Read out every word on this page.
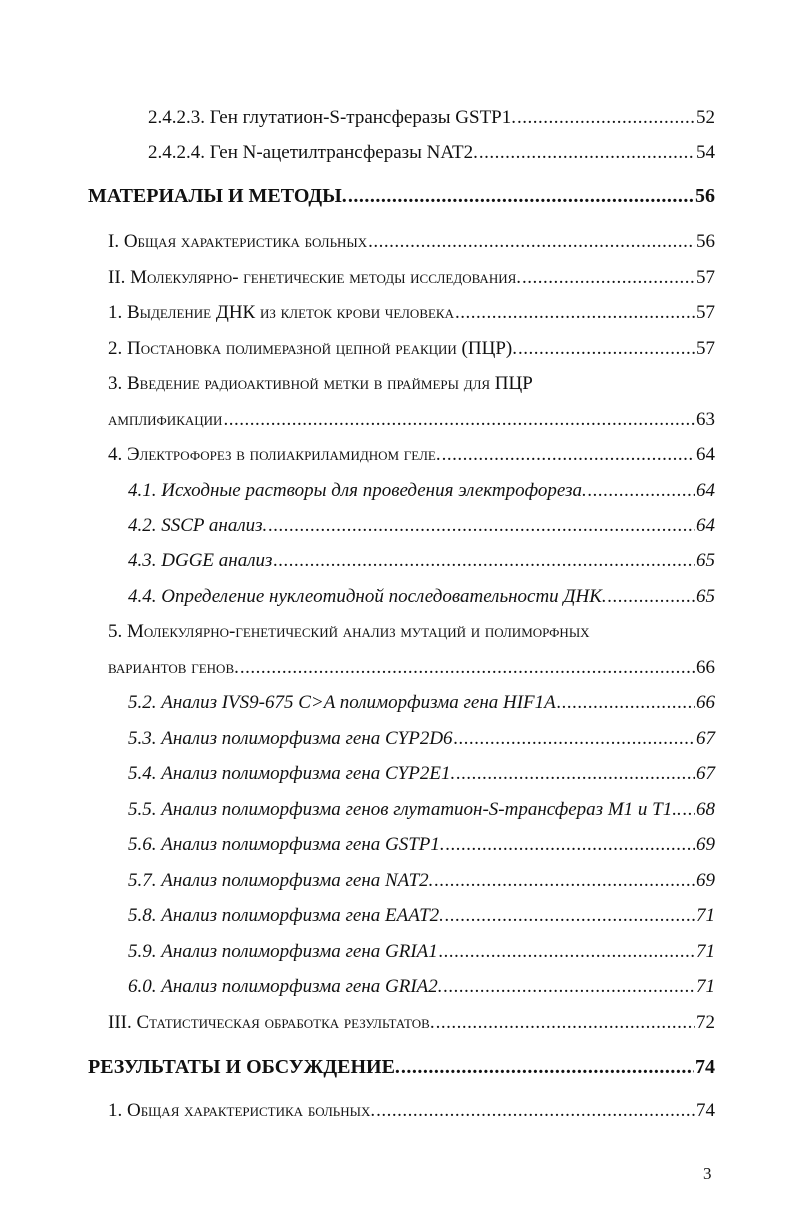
2.4.2.3. Ген глутатион-S-трансферазы GSTP1. .....	52
2.4.2.4. Ген N-ацетилтрансферазы NAT2. .....	54
МАТЕРИАЛЫ И МЕТОДЫ. .....	56
I. Общая характеристика больных .....	56
II. Молекулярно- генетические методы исследования. .....	57
1. Выделение ДНК из клеток крови человека .....	57
2. Постановка полимеразной цепной реакции (ПЦР). .....	57
3. Введение радиоактивной метки в праймеры для ПЦР
амплификации .....	63
4. Электрофорез в полиакриламидном геле. .....	64
4.1. Исходные растворы для проведения электрофореза. .....	64
4.2. SSCP анализ. .....	64
4.3. DGGE анализ .....	65
4.4. Определение нуклеотидной последовательности ДНК. .....	65
5. Молекулярно-генетический анализ мутаций и полиморфных
вариантов генов. .....	66
5.2. Анализ IVS9-675 C>A полиморфизма гена HIF1A .....	66
5.3. Анализ полиморфизма гена CYP2D6 .....	67
5.4. Анализ полиморфизма гена CYP2E1. .....	67
5.5. Анализ полиморфизма генов глутатион-S-трансфераз M1 и T1.. ..... 68
5.6. Анализ полиморфизма гена GSTP1. .....	69
5.7. Анализ полиморфизма гена NAT2. .....	69
5.8. Анализ полиморфизма гена EAAT2. .....	71
5.9. Анализ полиморфизма гена GRIA1 .....	71
6.0. Анализ полиморфизма гена GRIA2. .....	71
III. Статистическая обработка результатов. .....	72
РЕЗУЛЬТАТЫ И ОБСУЖДЕНИЕ. .....	74
1. Общая характеристика больных. .....	74
3
